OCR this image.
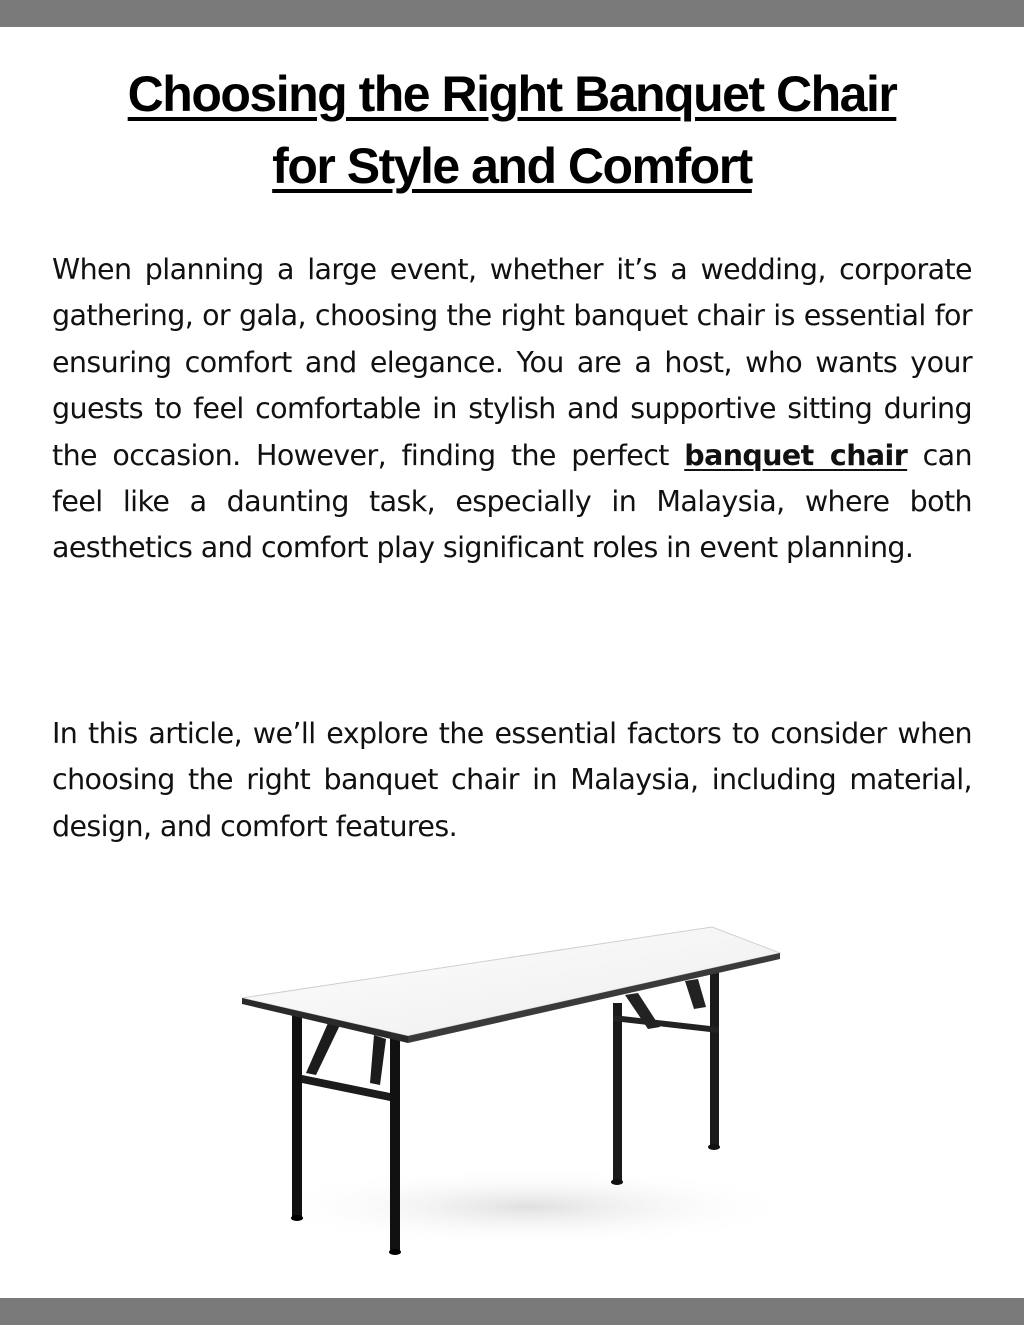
Choosing the Right Banquet Chair
for Style and Comfort

When planning a large event, whether it’s a wedding, corporate gathering, or gala, choosing the right banquet chair is essential for ensuring comfort and elegance. You are a host, who wants your guests to feel comfortable in stylish and supportive sitting during the occasion. However, finding the perfect banquet chair can feel like a daunting task, especially in Malaysia, where both aesthetics and comfort play significant roles in event planning.

In this article, we’ll explore the essential factors to consider when choosing the right banquet chair in Malaysia, including material, design, and comfort features.
